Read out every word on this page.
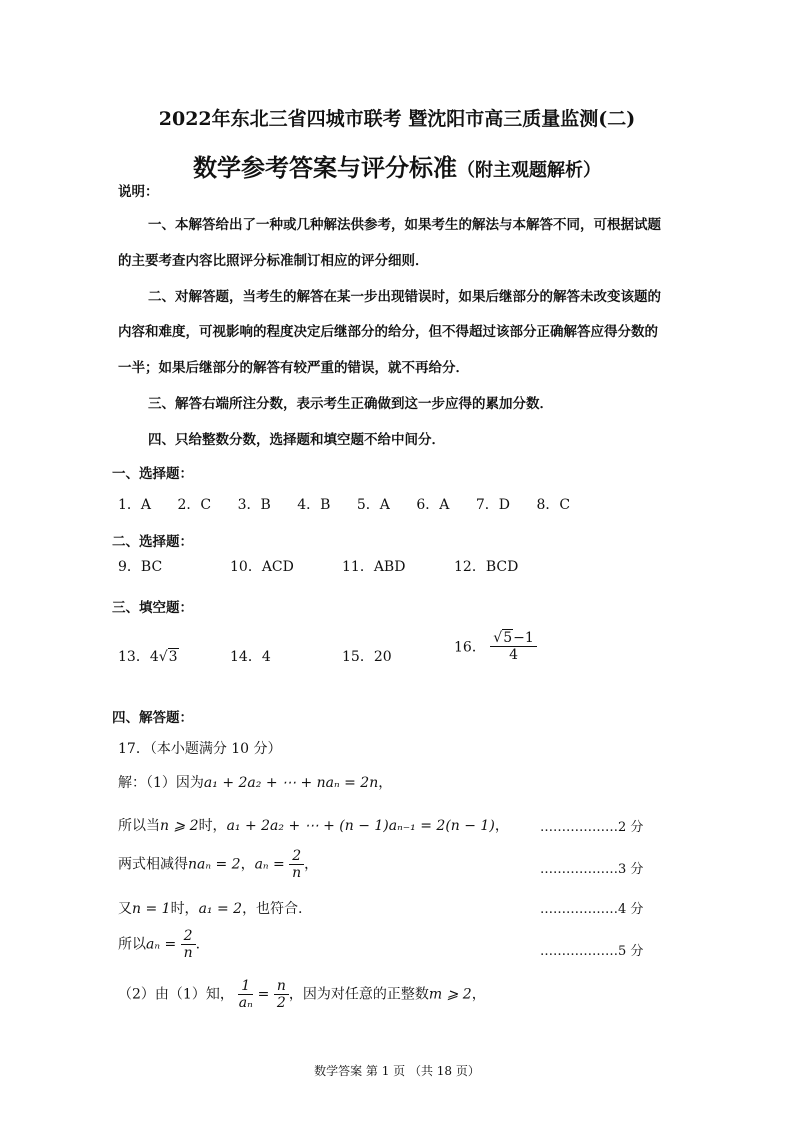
2022年东北三省四城市联考 暨沈阳市高三质量监测(二)
数学参考答案与评分标准（附主观题解析）
说明：
一、本解答给出了一种或几种解法供参考，如果考生的解法与本解答不同，可根据试题
的主要考查内容比照评分标准制订相应的评分细则．
二、对解答题，当考生的解答在某一步出现错误时，如果后继部分的解答未改变该题的
内容和难度，可视影响的程度决定后继部分的给分，但不得超过该部分正确解答应得分数的
一半；如果后继部分的解答有较严重的错误，就不再给分．
三、解答右端所注分数，表示考生正确做到这一步应得的累加分数．
四、只给整数分数，选择题和填空题不给中间分．
一、选择题：
1．A 2．C 3．B 4．B 5．A 6．A 7．D 8．C
二、选择题：
9．BC	10．ACD	11．ABD	12．BCD
三、填空题：
13．4√3	14．4	15．20
16． $\frac{√5-1}{4}$
四、解答题：
17．（本小题满分 10 分）
解：（1）因为a₁ + 2a₂ + ⋯ + naₙ = 2n，
所以当n ⩾ 2时，a₁ + 2a₂ + ⋯ + (n − 1)aₙ₋₁ = 2(n − 1)， ………………2 分
两式相减得naₙ = 2，$a_n = \frac{2}{n}$ ，	………………3 分
又n = 1时，a₁ = 2，也符合.	………………4 分
所以$a_n = \frac{2}{n}$ .	………………5 分
（2）由（1）知， $\frac{1}{\text{aₙ}} = \frac{n}{2}$ ，因为对任意的正整数m ⩾ 2，
数学答案 第 1 页 （共 18 页）
